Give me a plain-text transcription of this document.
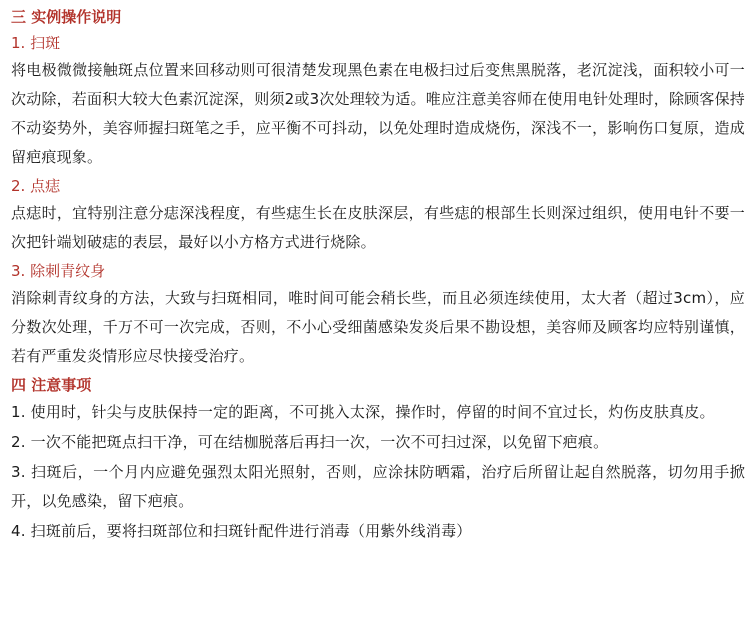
三 实例操作说明
1. 扫斑

将电极微微接触斑点位置来回移动则可很清楚发现黑色素在电极扫过后变焦黑脱落，老沉淀浅，面积较小可一次动除，若面积大较大色素沉淀深，则须2或3次处理较为适。唯应注意美容师在使用电针处理时，除顾客保持不动姿势外，美容师握扫斑笔之手，应平衡不可抖动，以免处理时造成烧伤，深浅不一，影响伤口复原，造成留疤痕现象。

2. 点痣

点痣时，宜特别注意分痣深浅程度，有些痣生长在皮肤深层，有些痣的根部生长则深过组织，使用电针不要一次把针端划破痣的表层，最好以小方格方式进行烧除。

3. 除刺青纹身

消除刺青纹身的方法，大致与扫斑相同，唯时间可能会稍长些，而且必须连续使用，太大者（超过3cm），应分数次处理，千万不可一次完成，否则，不小心受细菌感染发炎后果不勘设想，美容师及顾客均应特别谨慎，若有严重发炎情形应尽快接受治疗。

四 注意事项

1. 使用时，针尖与皮肤保持一定的距离，不可挑入太深，操作时，停留的时间不宜过长，灼伤皮肤真皮。

2. 一次不能把斑点扫干净，可在结枷脱落后再扫一次，一次不可扫过深，以免留下疤痕。

3. 扫斑后，一个月内应避免强烈太阳光照射，否则，应涂抹防晒霜，治疗后所留让起自然脱落，切勿用手掀开，以免感染，留下疤痕。

4. 扫斑前后，要将扫斑部位和扫斑针配件进行消毒（用紫外线消毒）
